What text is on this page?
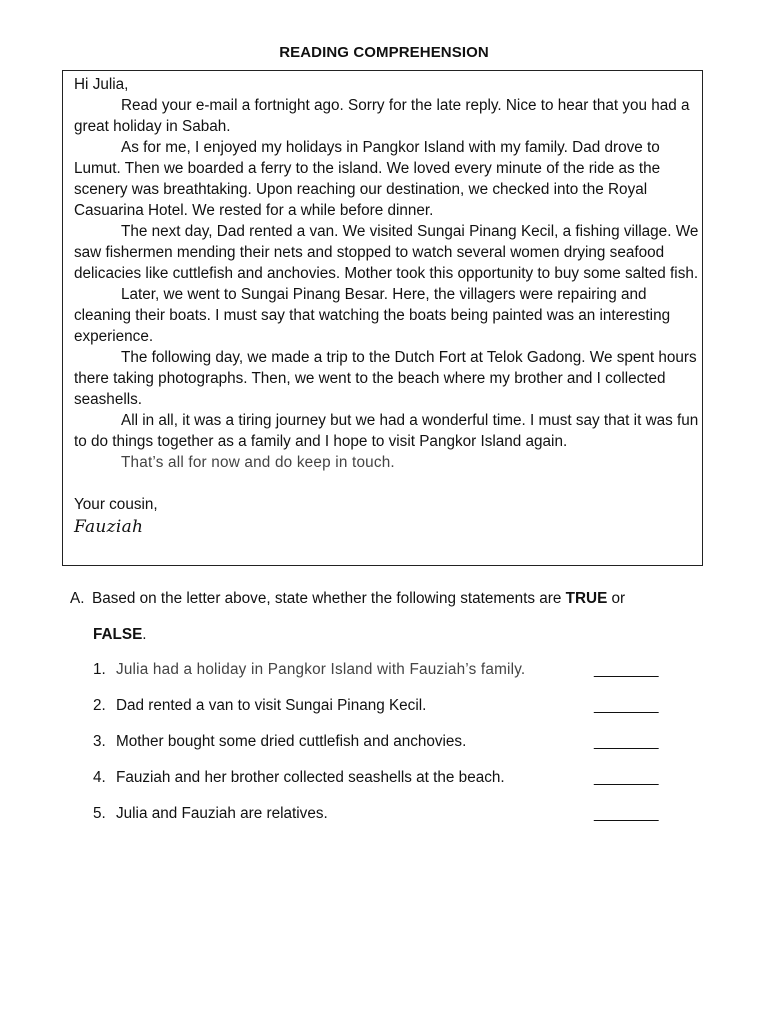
READING COMPREHENSION

Hi Julia,

Read your e-mail a fortnight ago. Sorry for the late reply. Nice to hear that you had a great holiday in Sabah.

As for me, I enjoyed my holidays in Pangkor Island with my family. Dad drove to Lumut. Then we boarded a ferry to the island. We loved every minute of the ride as the scenery was breathtaking. Upon reaching our destination, we checked into the Royal Casuarina Hotel. We rested for a while before dinner.

The next day, Dad rented a van. We visited Sungai Pinang Kecil, a fishing village. We saw fishermen mending their nets and stopped to watch several women drying seafood delicacies like cuttlefish and anchovies. Mother took this opportunity to buy some salted fish.

Later, we went to Sungai Pinang Besar. Here, the villagers were repairing and cleaning their boats. I must say that watching the boats being painted was an interesting experience.

The following day, we made a trip to the Dutch Fort at Telok Gadong. We spent hours there taking photographs. Then, we went to the beach where my brother and I collected seashells.

All in all, it was a tiring journey but we had a wonderful time. I must say that it was fun to do things together as a family and I hope to visit Pangkor Island again.

That’s all for now and do keep in touch.

Your cousin,

Fauziah

A. Based on the letter above, state whether the following statements are TRUE or
FALSE.
1. Julia had a holiday in Pangkor Island with Fauziah’s family.	________
2. Dad rented a van to visit Sungai Pinang Kecil.	________
3. Mother bought some dried cuttlefish and anchovies.	________
4. Fauziah and her brother collected seashells at the beach.	________
5. Julia and Fauziah are relatives.	________
